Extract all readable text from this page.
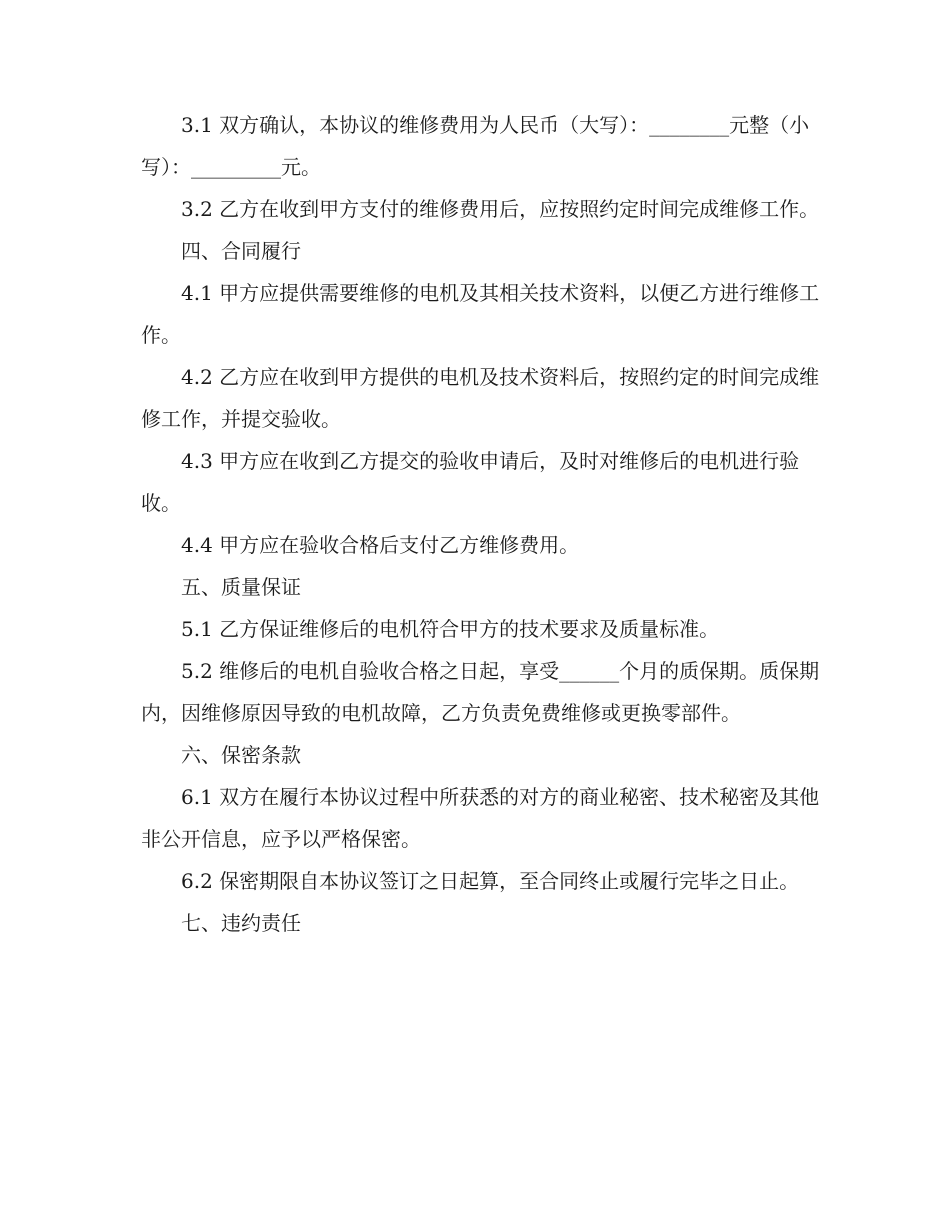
3.1 双方确认，本协议的维修费用为人民币（大写）：________元整（小写）：_________元。

3.2 乙方在收到甲方支付的维修费用后，应按照约定时间完成维修工作。

四、合同履行

4.1 甲方应提供需要维修的电机及其相关技术资料，以便乙方进行维修工作。

4.2 乙方应在收到甲方提供的电机及技术资料后，按照约定的时间完成维修工作，并提交验收。

4.3 甲方应在收到乙方提交的验收申请后，及时对维修后的电机进行验收。

4.4 甲方应在验收合格后支付乙方维修费用。

五、质量保证

5.1 乙方保证维修后的电机符合甲方的技术要求及质量标准。

5.2 维修后的电机自验收合格之日起，享受______个月的质保期。质保期内，因维修原因导致的电机故障，乙方负责免费维修或更换零部件。

六、保密条款

6.1 双方在履行本协议过程中所获悉的对方的商业秘密、技术秘密及其他非公开信息，应予以严格保密。

6.2 保密期限自本协议签订之日起算，至合同终止或履行完毕之日止。

七、违约责任
